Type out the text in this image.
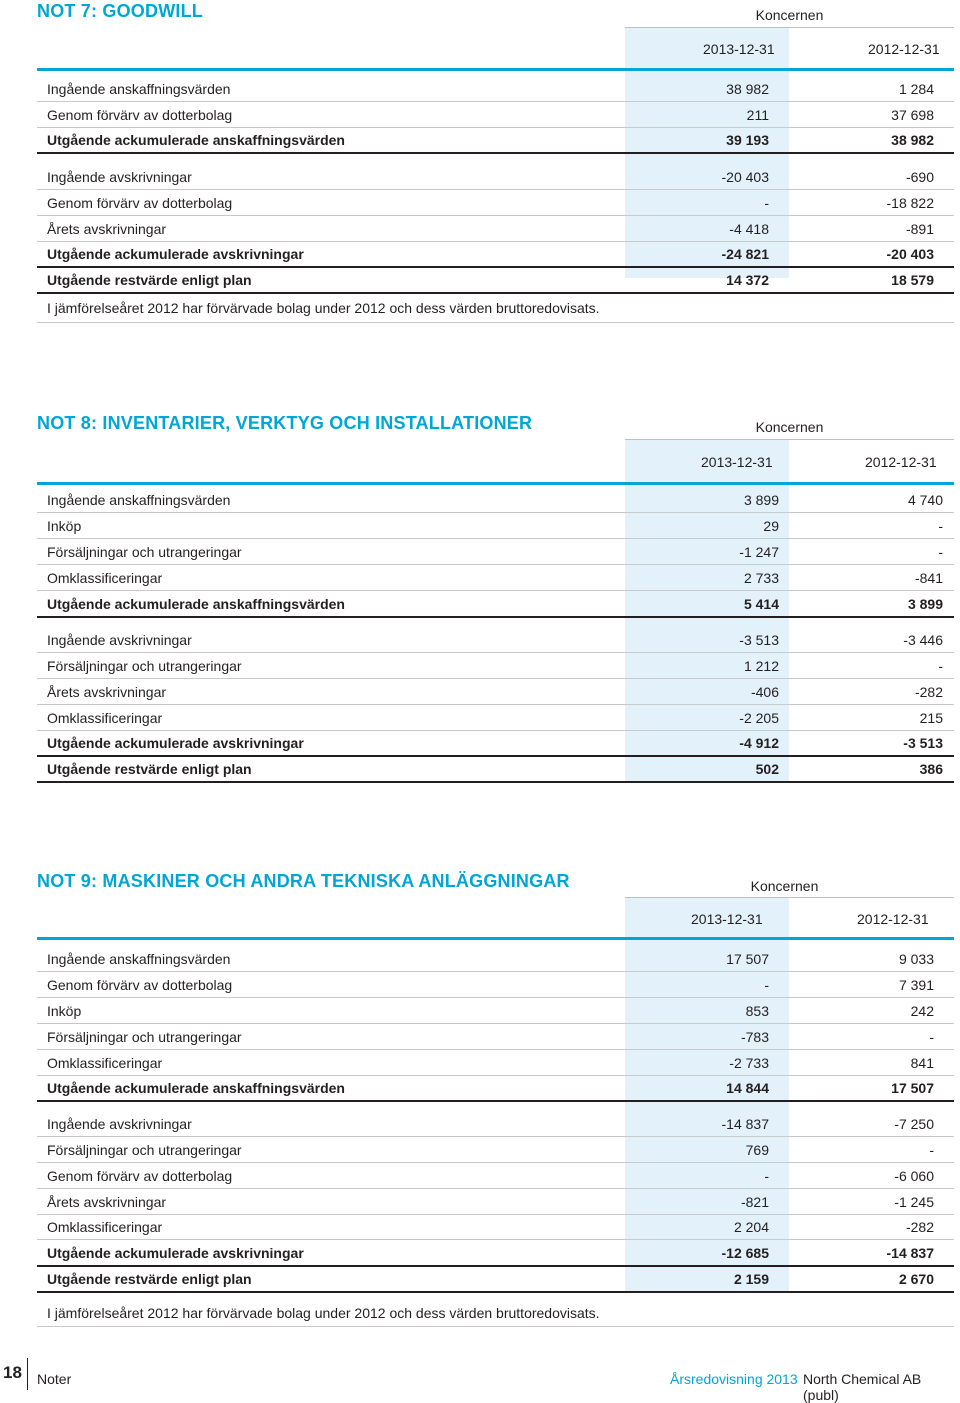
NOT 7: GOODWILL	Koncernen
2013-12-31	2012-12-31
Ingående anskaffningsvärden	38 982	1 284
Genom förvärv av dotterbolag	211	37 698
Utgående ackumulerade anskaffningsvärden	39 193	38 982
Ingående avskrivningar	-20 403	-690
Genom förvärv av dotterbolag	-	-18 822
Årets avskrivningar	-4 418	-891
Utgående ackumulerade avskrivningar	-24 821	-20 403
Utgående restvärde enligt plan	14 372	18 579
I jämförelseåret 2012 har förvärvade bolag under 2012 och dess värden bruttoredovisats.
NOT 8: INVENTARIER, VERKTYG OCH INSTALLATIONER	Koncernen
2013-12-31	2012-12-31
Ingående anskaffningsvärden	3 899	4 740
Inköp	29	-
Försäljningar och utrangeringar	-1 247	-
Omklassificeringar	2 733	-841
Utgående ackumulerade anskaffningsvärden	5 414	3 899
Ingående avskrivningar	-3 513	-3 446
Försäljningar och utrangeringar	1 212	-
Årets avskrivningar	-406	-282
Omklassificeringar	-2 205	215
Utgående ackumulerade avskrivningar	-4 912	-3 513
Utgående restvärde enligt plan	502	386
NOT 9: MASKINER OCH ANDRA TEKNISKA ANLÄGGNINGAR	Koncernen
2013-12-31	2012-12-31
Ingående anskaffningsvärden	17 507	9 033
Genom förvärv av dotterbolag	-	7 391
Inköp	853	242
Försäljningar och utrangeringar	-783	-
Omklassificeringar	-2 733	841
Utgående ackumulerade anskaffningsvärden	14 844	17 507
Ingående avskrivningar	-14 837	-7 250
Försäljningar och utrangeringar	769	-
Genom förvärv av dotterbolag	-	-6 060
Årets avskrivningar	-821	-1 245
Omklassificeringar	2 204	-282
Utgående ackumulerade avskrivningar	-12 685	-14 837
Utgående restvärde enligt plan	2 159	2 670
I jämförelseåret 2012 har förvärvade bolag under 2012 och dess värden bruttoredovisats.
18 Noter	Årsredovisning 2013 North Chemical AB (publ)
